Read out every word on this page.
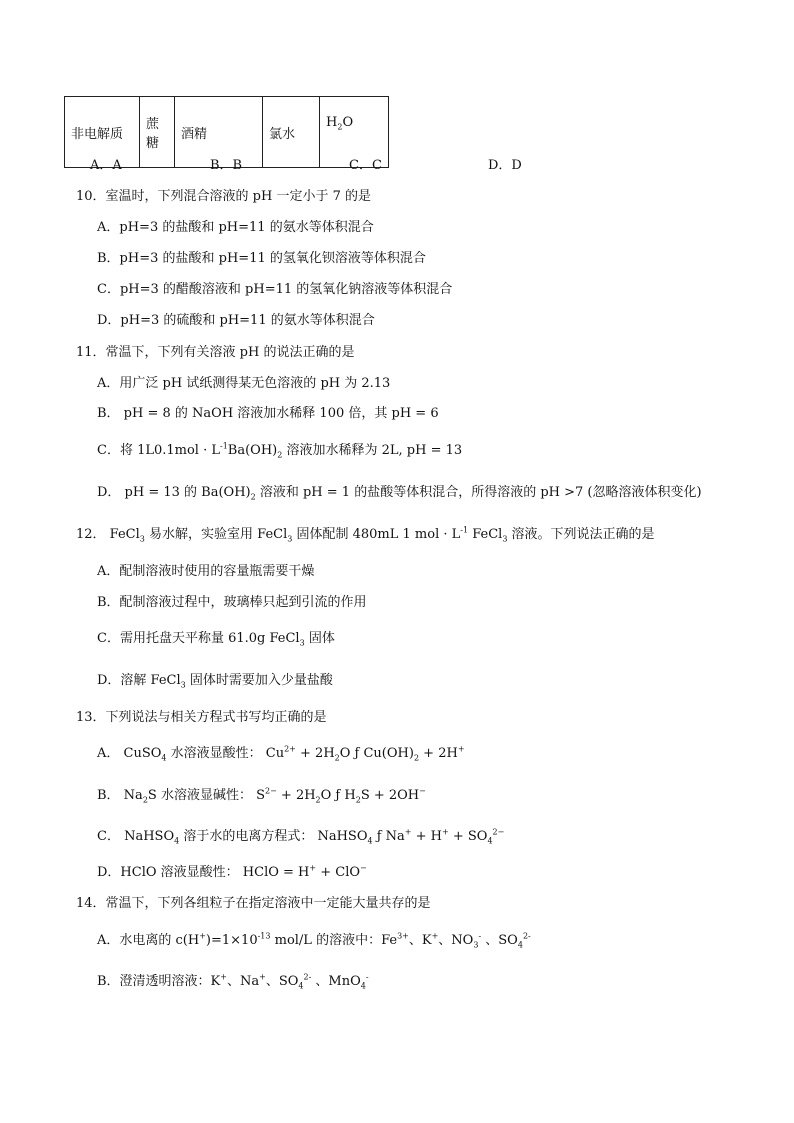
非电解质	蔗糖	酒精	氯水	$H_2O$
A．A	B．B	C．C	D．D
10．室温时，下列混合溶液的 pH 一定小于 7 的是
A．pH=3 的盐酸和 pH=11 的氨水等体积混合
B．pH=3 的盐酸和 pH=11 的氢氧化钡溶液等体积混合
C．pH=3 的醋酸溶液和 pH=11 的氢氧化钠溶液等体积混合
D．pH=3 的硫酸和 pH=11 的氨水等体积混合
11．常温下，下列有关溶液 pH 的说法正确的是
A．用广泛 pH 试纸测得某无色溶液的 pH 为 2.13
B． pH = 8 的 NaOH 溶液加水稀释 100 倍，其 pH = 6
C．将 $1L0.1mol \cdot L^{-1}Ba(OH)_2$ 溶液加水稀释为 2L, pH = 13
D． pH = 13 的 $Ba(OH)_2$ 溶液和 pH = 1 的盐酸等体积混合，所得溶液的 pH >7 (忽略溶液体积变化)
12． FeCl$_3$ 易水解，实验室用 FeCl$_3$ 固体配制 480mL 1 mol · $L^{-1}$ FeCl$_3$ 溶液。下列说法正确的是
A．配制溶液时使用的容量瓶需要干燥
B．配制溶液过程中，玻璃棒只起到引流的作用
C．需用托盘天平称量 61.0g FeCl$_3$ 固体
D．溶解 FeCl$_3$ 固体时需要加入少量盐酸
13．下列说法与相关方程式书写均正确的是
A． CuSO$_4$ 水溶液显酸性： $Cu^{2+} + 2H_2O$ ƒ $Cu(OH)_2 + 2H^+$
B． $Na_2S$ 水溶液显碱性： $S^{2-} + 2H_2O$ ƒ $H_2S + 2OH^-$
C． NaHSO$_4$ 溶于水的电离方程式： NaHSO$_4$ ƒ $Na^+ + H^+ + SO_4^{2-}$
D．HClO 溶液显酸性： HClO = H+ + ClO−
14．常温下，下列各组粒子在指定溶液中一定能大量共存的是
A．水电离的 $c(H^+)=1\times 10^{-13}$ mol/L 的溶液中：$Fe^{3+}$、K+、$NO_3^-$ 、$SO_4^{2-}$
B．澄清透明溶液：K+、Na+、$SO_4^{2-}$ 、MnO$_4$-
